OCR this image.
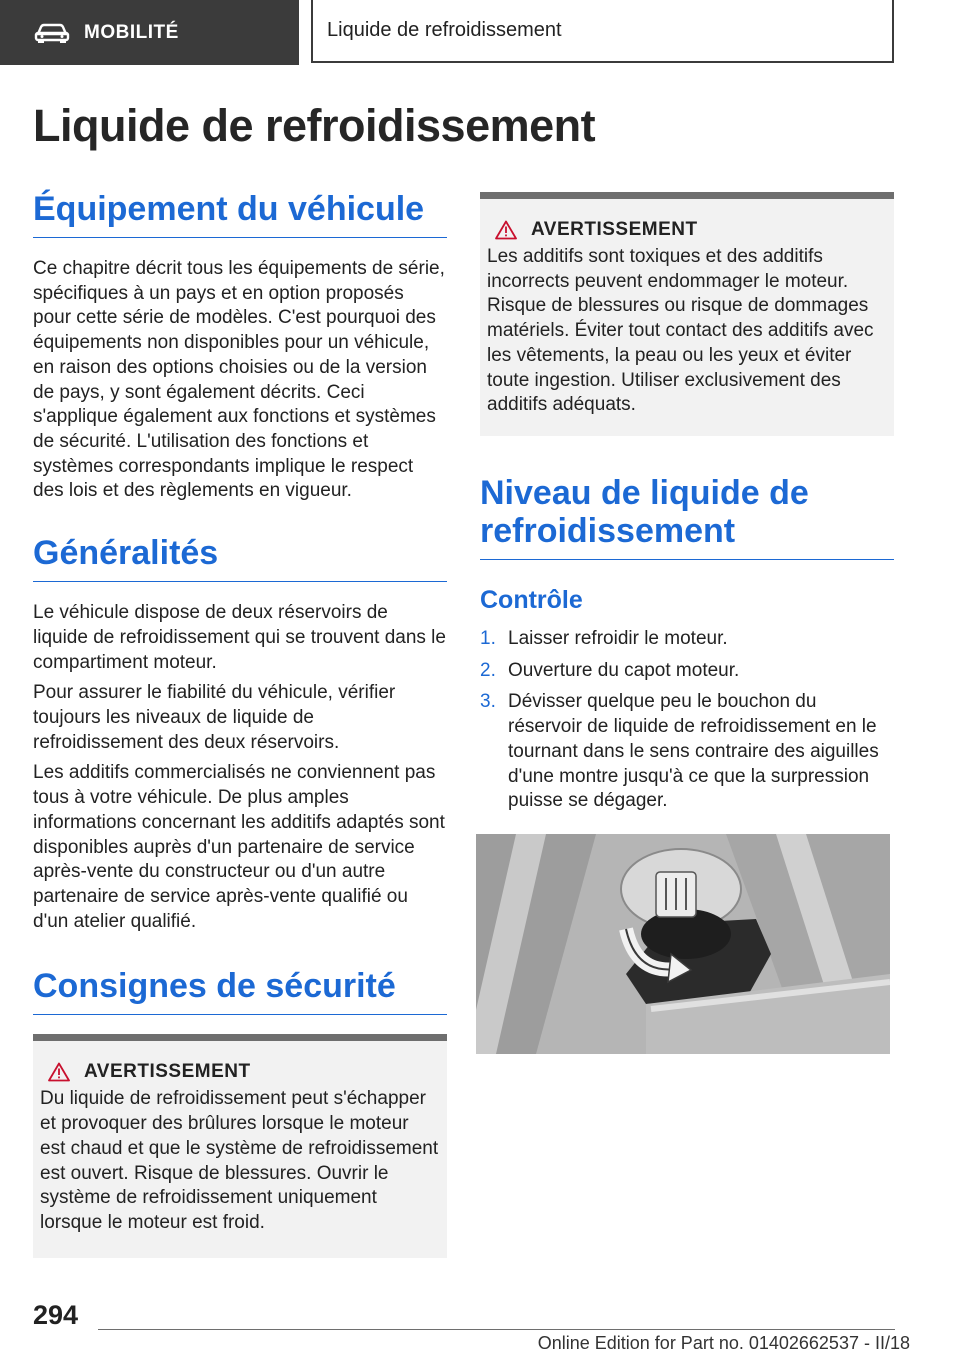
MOBILITÉ	Liquide de refroidissement
Liquide de refroidissement
Équipement du véhicule

Ce chapitre décrit tous les équipements de série, spécifiques à un pays et en option proposés pour cette série de modèles. C'est pourquoi des équipements non disponibles pour un véhicule, en raison des options choisies ou de la version de pays, y sont également décrits. Ceci s'applique également aux fonctions et systèmes de sécurité. L'utilisation des fonctions et systèmes correspondants implique le respect des lois et des règlements en vigueur.

Généralités

Le véhicule dispose de deux réservoirs de liquide de refroidissement qui se trouvent dans le compartiment moteur.

Pour assurer le fiabilité du véhicule, vérifier toujours les niveaux de liquide de refroidissement des deux réservoirs.

Les additifs commercialisés ne conviennent pas tous à votre véhicule. De plus amples informations concernant les additifs adaptés sont disponibles auprès d'un partenaire de service après-vente du constructeur ou d'un autre partenaire de service après-vente qualifié ou d'un atelier qualifié.

Consignes de sécurité
AVERTISSEMENT

Du liquide de refroidissement peut s'échapper et provoquer des brûlures lorsque le moteur est chaud et que le système de refroidissement est ouvert. Risque de blessures. Ouvrir le système de refroidissement uniquement lorsque le moteur est froid.

AVERTISSEMENT

Les additifs sont toxiques et des additifs incorrects peuvent endommager le moteur. Risque de blessures ou risque de dommages matériels. Éviter tout contact des additifs avec les vêtements, la peau ou les yeux et éviter toute ingestion. Utiliser exclusivement des additifs adéquats.

Niveau de liquide de refroidissement
Contrôle
1. Laisser refroidir le moteur.
2. Ouverture du capot moteur.
3. Dévisser quelque peu le bouchon du réservoir de liquide de refroidissement en le tournant dans le sens contraire des aiguilles d'une montre jusqu'à ce que la surpression puisse se dégager.
294
Online Edition for Part no. 01402662537 - II/18
